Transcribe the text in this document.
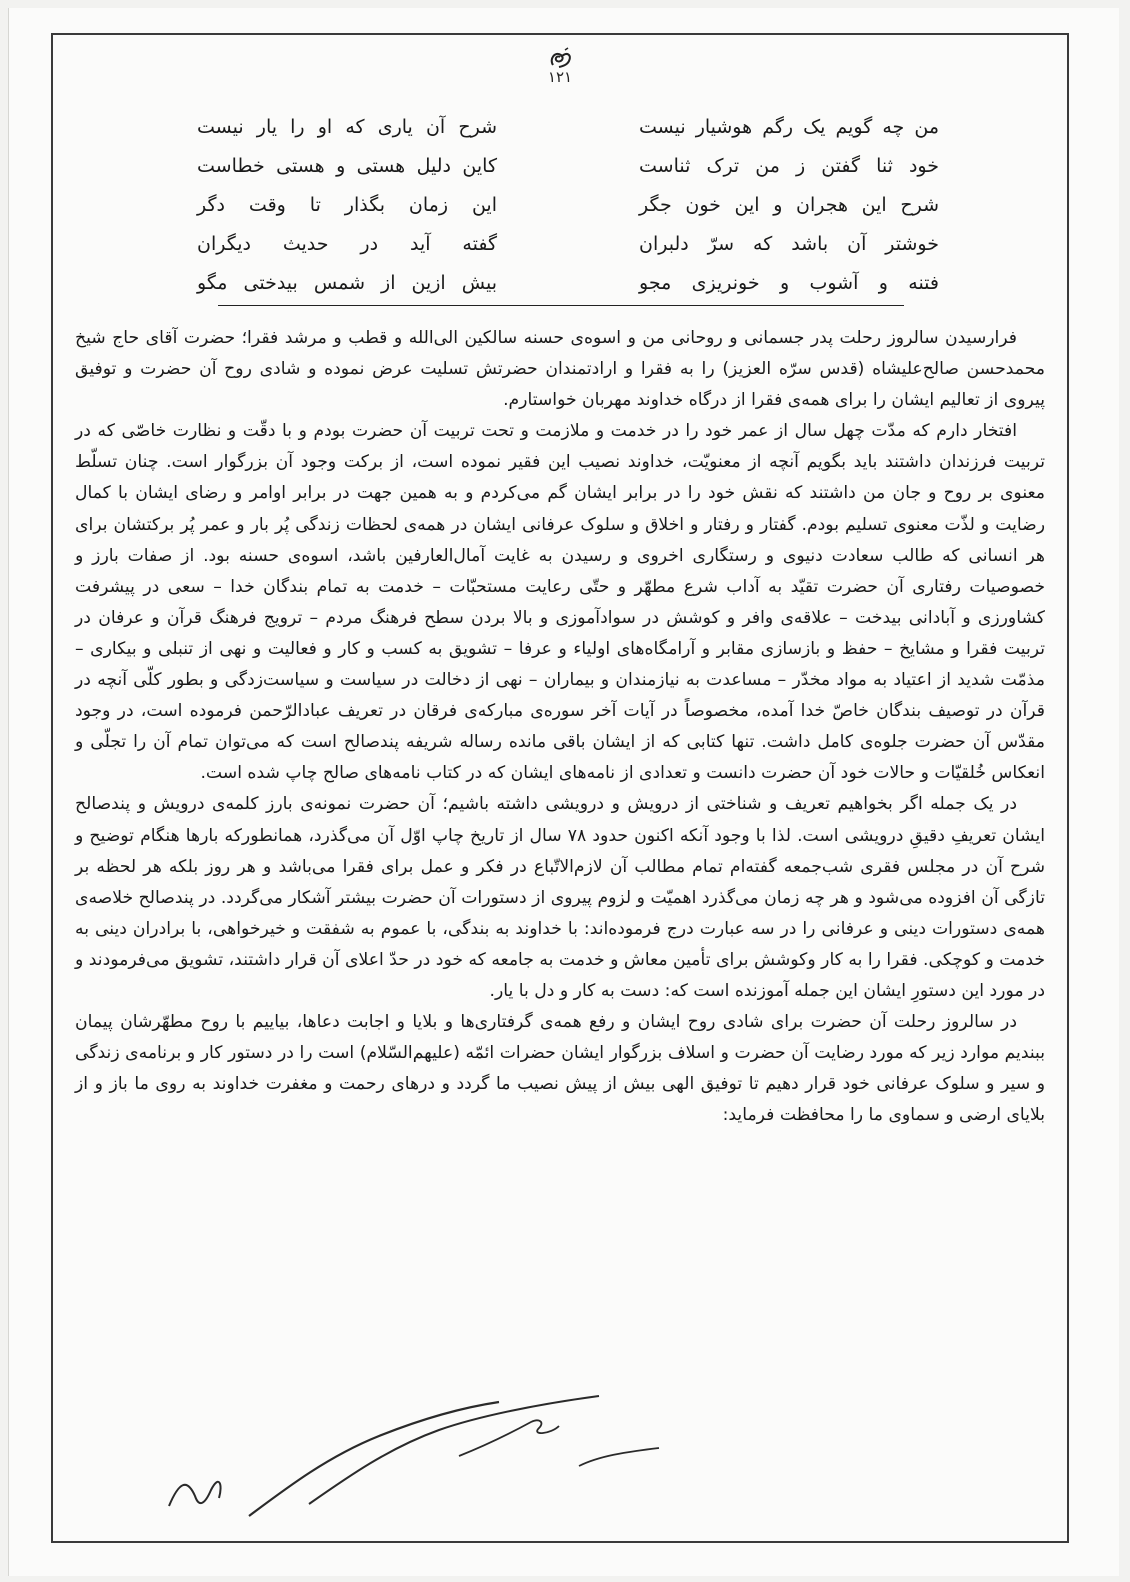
۱۲۱
من چه گویم یک رگم هوشیار نیست
شرح آن یاری که او را یار نیست
خود ثنا گفتن ز من ترک ثناست
کاین دلیل هستی و هستی خطاست
شرح این هجران و این خون جگر
این زمان بگذار تا وقت دگر
خوشتر آن باشد که سرّ دلبران
گفته آید در حدیث دیگران
فتنه و آشوب و خونریزی مجو
بیش ازین از شمس بیدختی مگو

فرارسیدن سالروز رحلت پدر جسمانی و روحانی من و اسوه‌ی حسنه سالکین الی‌الله و قطب و مرشد فقرا؛ حضرت آقای حاج شیخ محمدحسن صالح‌علیشاه (قدس سرّه العزیز) را به فقرا و ارادتمندان حضرتش تسلیت عرض نموده و شادی روح آن حضرت و توفیق پیروی از تعالیم ایشان را برای همه‌ی فقرا از درگاه خداوند مهربان خواستارم.

افتخار دارم که مدّت چهل سال از عمر خود را در خدمت و ملازمت و تحت تربیت آن حضرت بودم و با دقّت و نظارت خاصّی که در تربیت فرزندان داشتند باید بگویم آنچه از معنویّت، خداوند نصیب این فقیر نموده است، از برکت وجود آن بزرگوار است. چنان تسلّط معنوی بر روح و جان من داشتند که نقش خود را در برابر ایشان گم می‌کردم و به همین جهت در برابر اوامر و رضای ایشان با کمال رضایت و لذّت معنوی تسلیم بودم. گفتار و رفتار و اخلاق و سلوک عرفانی ایشان در همه‌ی لحظات زندگی پُر بار و عمر پُر برکتشان برای هر انسانی که طالب سعادت دنیوی و رستگاری اخروی و رسیدن به غایت آمال‌العارفین باشد، اسوه‌ی حسنه بود. از صفات بارز و خصوصیات رفتاری آن حضرت تقیّد به آداب شرع مطهّر و حتّی رعایت مستحبّات – خدمت به تمام بندگان خدا – سعی در پیشرفت کشاورزی و آبادانی بیدخت – علاقه‌ی وافر و کوشش در سوادآموزی و بالا بردن سطح فرهنگ مردم – ترویج فرهنگ قرآن و عرفان در تربیت فقرا و مشایخ – حفظ و بازسازی مقابر و آرامگاه‌های اولیاء و عرفا – تشویق به کسب و کار و فعالیت و نهی از تنبلی و بیکاری – مذمّت شدید از اعتیاد به مواد مخدّر – مساعدت به نیازمندان و بیماران – نهی از دخالت در سیاست و سیاست‌زدگی و بطور کلّی آنچه در قرآن در توصیف بندگان خاصّ خدا آمده، مخصوصاً در آیات آخر سوره‌ی مبارکه‌ی فرقان در تعریف عبادالرّحمن فرموده است، در وجود مقدّس آن حضرت جلوه‌ی کامل داشت. تنها کتابی که از ایشان باقی مانده رساله شریفه پندصالح است که می‌توان تمام آن را تجلّی و انعکاس خُلقیّات و حالات خود آن حضرت دانست و تعدادی از نامه‌های ایشان که در کتاب نامه‌های صالح چاپ شده است.

در یک جمله اگر بخواهیم تعریف و شناختی از درویش و درویشی داشته باشیم؛ آن حضرت نمونه‌ی بارز کلمه‌ی درویش و پندصالح ایشان تعریفِ دقیقِ درویشی است. لذا با وجود آنکه اکنون حدود ۷۸ سال از تاریخ چاپ اوّل آن می‌گذرد، همانطورکه بارها هنگام توضیح و شرح آن در مجلس فقری شب‌جمعه گفته‌ام تمام مطالب آن لازم‌الاتّباع در فکر و عمل برای فقرا می‌باشد و هر روز بلکه هر لحظه بر تازگی آن افزوده می‌شود و هر چه زمان می‌گذرد اهمیّت و لزوم پیروی از دستورات آن حضرت بیشتر آشکار می‌گردد. در پندصالح خلاصه‌ی همه‌ی دستورات دینی و عرفانی را در سه عبارت درج فرموده‌اند: با خداوند به بندگی، با عموم به شفقت و خیرخواهی، با برادران دینی به خدمت و کوچکی. فقرا را به کار وکوشش برای تأمین معاش و خدمت به جامعه که خود در حدّ اعلای آن قرار داشتند، تشویق می‌فرمودند و در مورد این دستورِ ایشان این جمله آموزنده است که: دست به کار و دل با یار.

در سالروز رحلت آن حضرت برای شادی روح ایشان و رفع همه‌ی گرفتاری‌ها و بلایا و اجابت دعاها، بیاییم با روح مطهّرشان پیمان ببندیم موارد زیر که مورد رضایت آن حضرت و اسلاف بزرگوار ایشان حضرات ائمّه (علیهم‌السّلام) است را در دستور کار و برنامه‌ی زندگی و سیر و سلوک عرفانی خود قرار دهیم تا توفیق الهی بیش از پیش نصیب ما گردد و درهای رحمت و مغفرت خداوند به روی ما باز و از بلایای ارضی و سماوی ما را محافظت فرماید:
